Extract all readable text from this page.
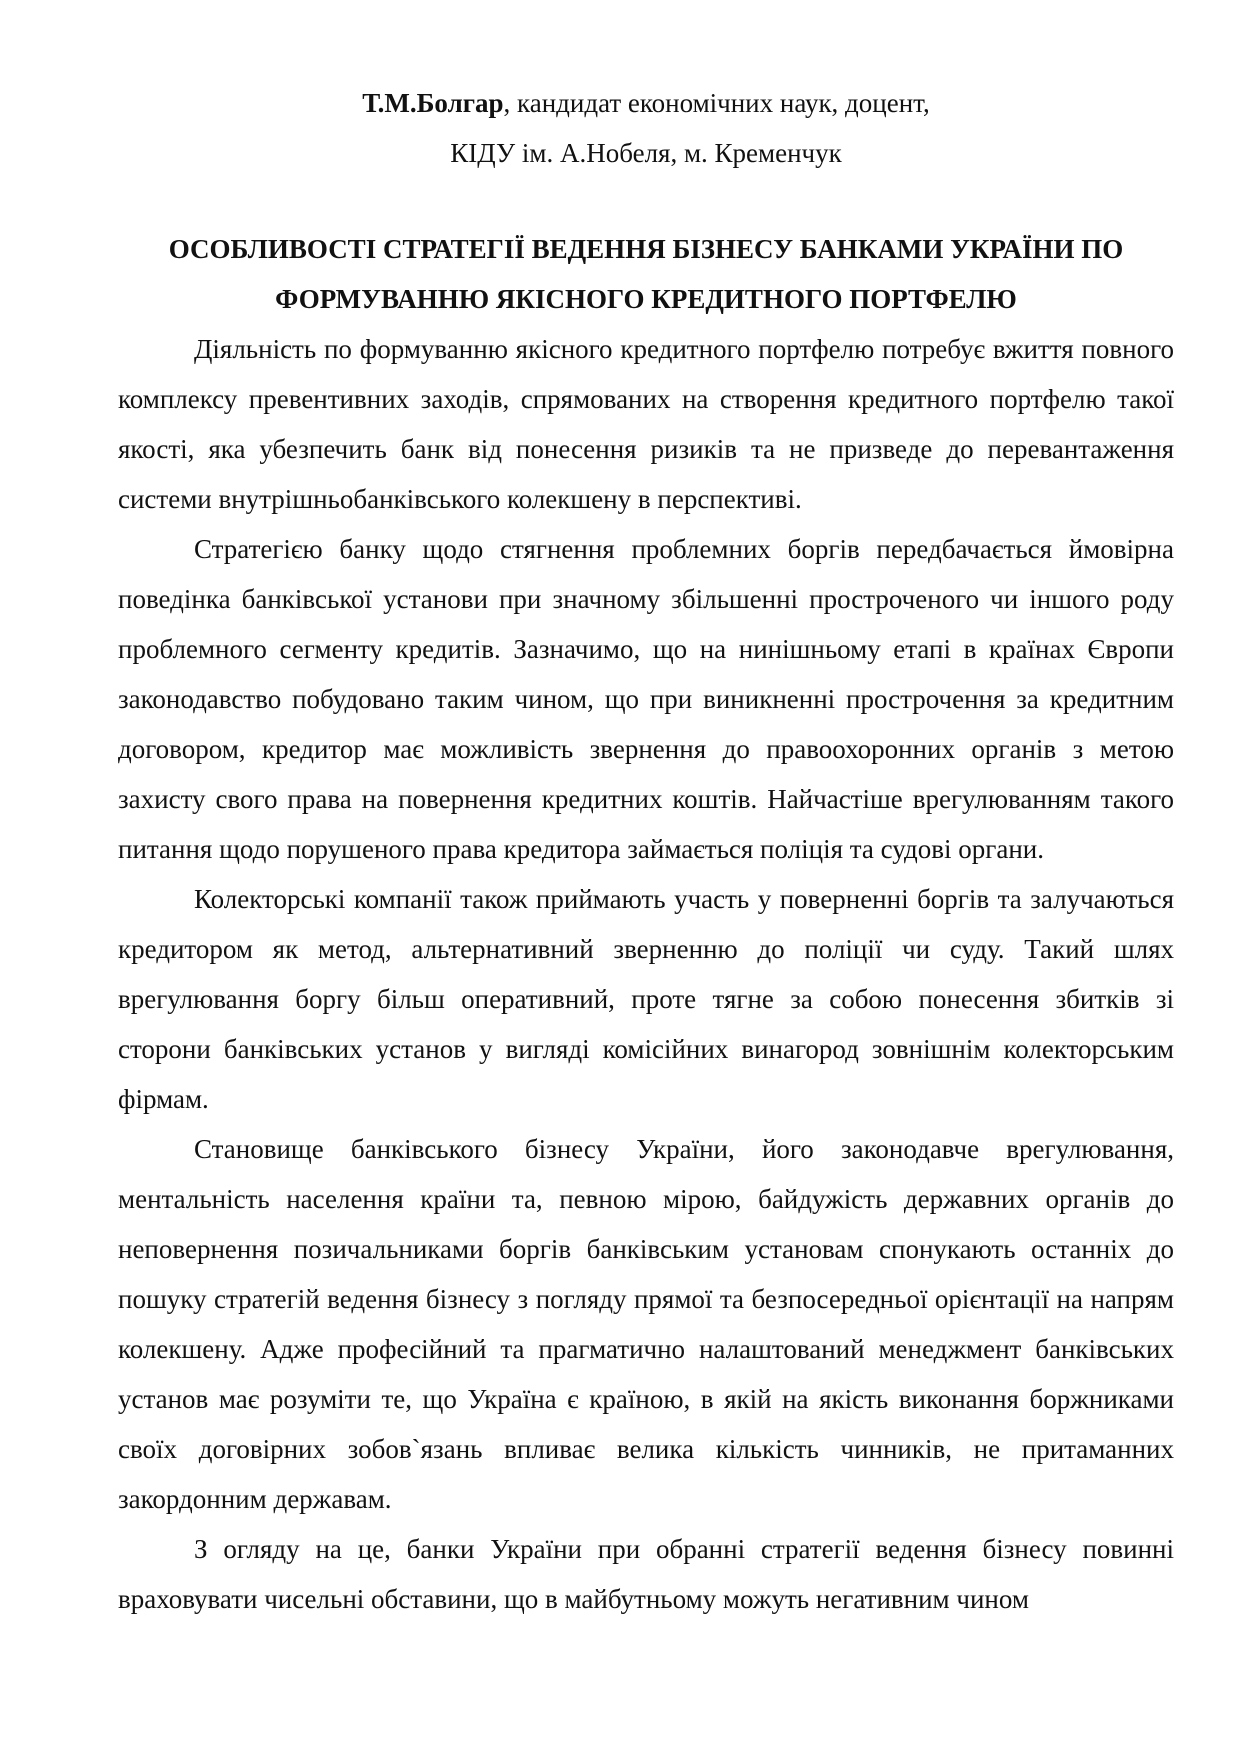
Т.М.Болгар, кандидат економічних наук, доцент,

КІДУ ім. А.Нобеля, м. Кременчук

ОСОБЛИВОСТІ СТРАТЕГІЇ ВЕДЕННЯ БІЗНЕСУ БАНКАМИ УКРАЇНИ ПО
ФОРМУВАННЮ ЯКІСНОГО КРЕДИТНОГО ПОРТФЕЛЮ

Діяльність по формуванню якісного кредитного портфелю потребує вжиття повного комплексу превентивних заходів, спрямованих на створення кредитного портфелю такої якості, яка убезпечить банк від понесення ризиків та не призведе до перевантаження системи внутрішньобанківського колекшену в перспективі.

Стратегією банку щодо стягнення проблемних боргів передбачається ймовірна поведінка банківської установи при значному збільшенні простроченого чи іншого роду проблемного сегменту кредитів. Зазначимо, що на нинішньому етапі в країнах Європи законодавство побудовано таким чином, що при виникненні прострочення за кредитним договором, кредитор має можливість звернення до правоохоронних органів з метою захисту свого права на повернення кредитних коштів. Найчастіше врегулюванням такого питання щодо порушеного права кредитора займається поліція та судові органи.

Колекторські компанії також приймають участь у поверненні боргів та залучаються кредитором як метод, альтернативний зверненню до поліції чи суду. Такий шлях врегулювання боргу більш оперативний, проте тягне за собою понесення збитків зі сторони банківських установ у вигляді комісійних винагород зовнішнім колекторським фірмам.

Становище банківського бізнесу України, його законодавче врегулювання, ментальність населення країни та, певною мірою, байдужість державних органів до неповернення позичальниками боргів банківським установам спонукають останніх до пошуку стратегій ведення бізнесу з погляду прямої та безпосередньої орієнтації на напрям колекшену. Адже професійний та прагматично налаштований менеджмент банківських установ має розуміти те, що Україна є країною, в якій на якість виконання боржниками своїх договірних зобов`язань впливає велика кількість чинників, не притаманних закордонним державам.

З огляду на це, банки України при обранні стратегії ведення бізнесу повинні враховувати чисельні обставини, що в майбутньому можуть негативним чином
